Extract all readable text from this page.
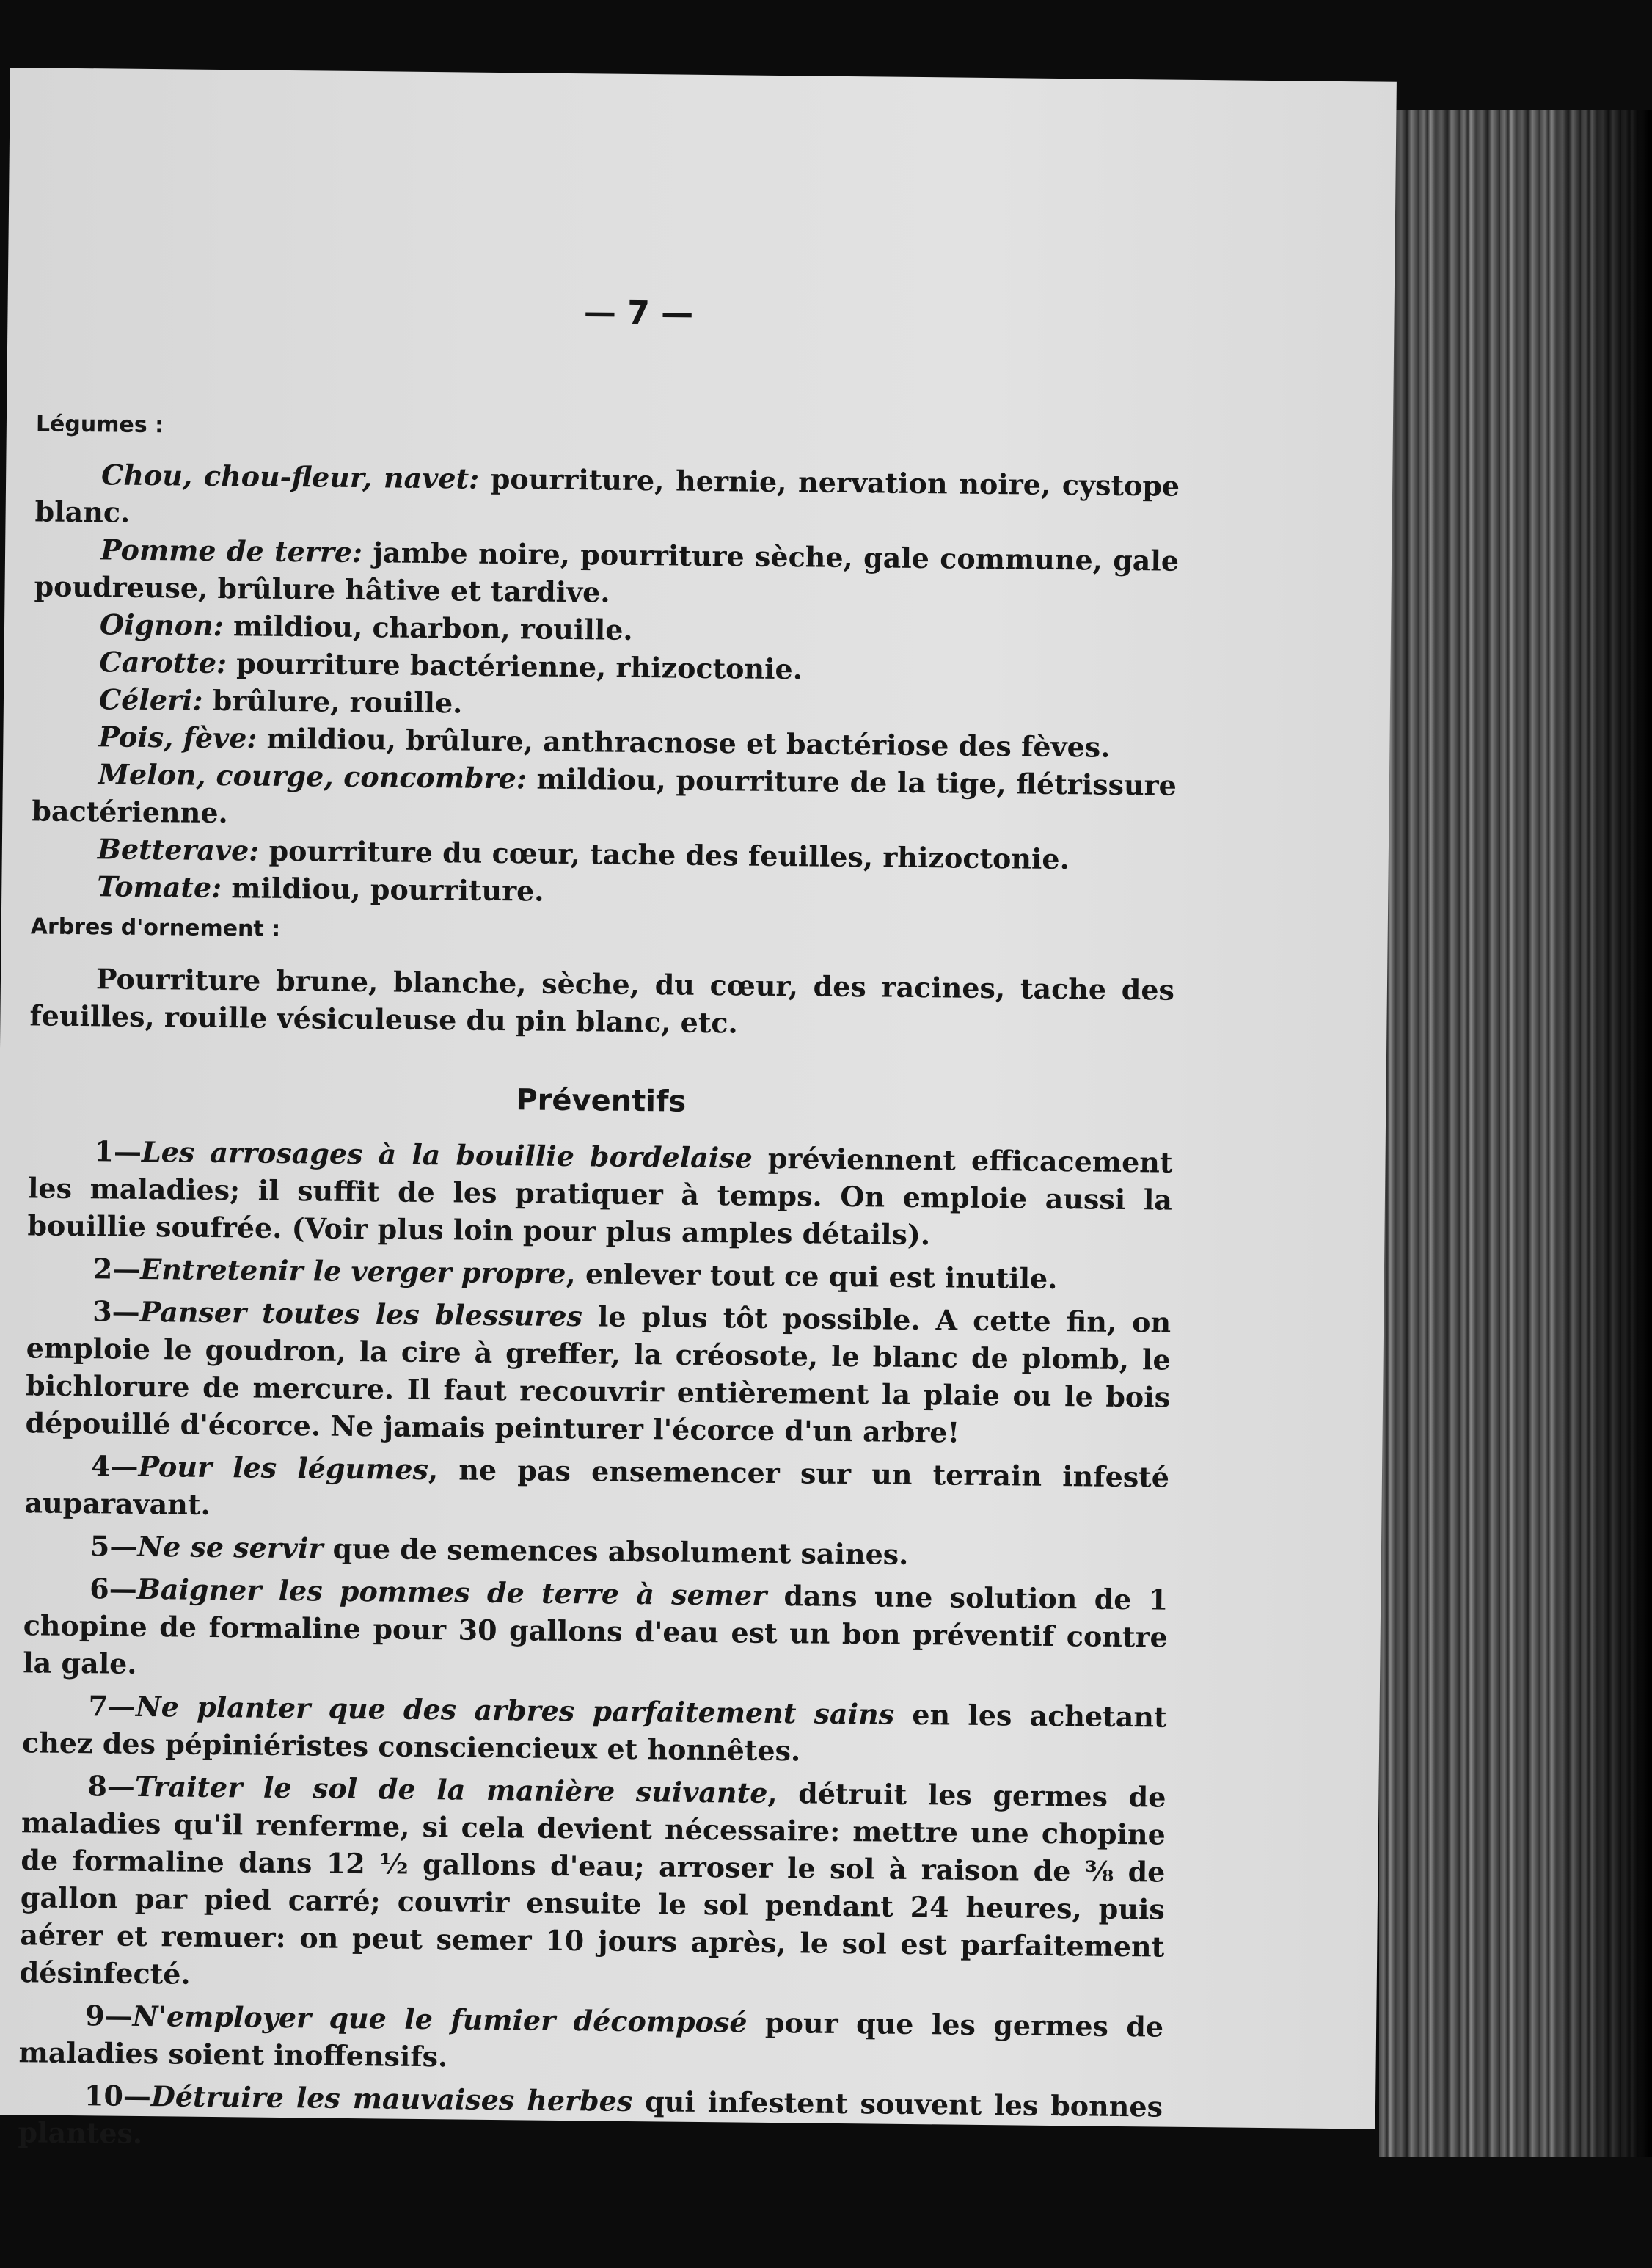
— 7 —
Légumes :

Chou, chou-fleur, navet: pourriture, hernie, nervation noire, cystope blanc.

Pomme de terre: jambe noire, pourriture sèche, gale commune, gale poudreuse, brûlure hâtive et tardive.

Oignon: mildiou, charbon, rouille.

Carotte: pourriture bactérienne, rhizoctonie.

Céleri: brûlure, rouille.

Pois, fève: mildiou, brûlure, anthracnose et bactériose des fèves.

Melon, courge, concombre: mildiou, pourriture de la tige, flétrissure bactérienne.

Betterave: pourriture du cœur, tache des feuilles, rhizoctonie.

Tomate: mildiou, pourriture.

Arbres d'ornement :

Pourriture brune, blanche, sèche, du cœur, des racines, tache des feuilles, rouille vésiculeuse du pin blanc, etc.

Préventifs

1—Les arrosages à la bouillie bordelaise préviennent efficacement les maladies; il suffit de les pratiquer à temps. On emploie aussi la bouillie soufrée. (Voir plus loin pour plus amples détails).

2—Entretenir le verger propre, enlever tout ce qui est inutile.

3—Panser toutes les blessures le plus tôt possible. A cette fin, on emploie le goudron, la cire à greffer, la créosote, le blanc de plomb, le bichlorure de mercure. Il faut recouvrir entièrement la plaie ou le bois dépouillé d'écorce. Ne jamais peinturer l'écorce d'un arbre!

4—Pour les légumes, ne pas ensemencer sur un terrain infesté auparavant.

5—Ne se servir que de semences absolument saines.

6—Baigner les pommes de terre à semer dans une solution de 1 chopine de formaline pour 30 gallons d'eau est un bon préventif contre la gale.

7—Ne planter que des arbres parfaitement sains en les achetant chez des pépiniéristes consciencieux et honnêtes.

8—Traiter le sol de la manière suivante, détruit les germes de maladies qu'il renferme, si cela devient nécessaire: mettre une chopine de formaline dans 12 ½ gallons d'eau; arroser le sol à raison de ⅜ de gallon par pied carré; couvrir ensuite le sol pendant 24 heures, puis aérer et remuer: on peut semer 10 jours après, le sol est parfaitement désinfecté.

9—N'employer que le fumier décomposé pour que les germes de maladies soient inoffensifs.

10—Détruire les mauvaises herbes qui infestent souvent les bonnes plantes.
